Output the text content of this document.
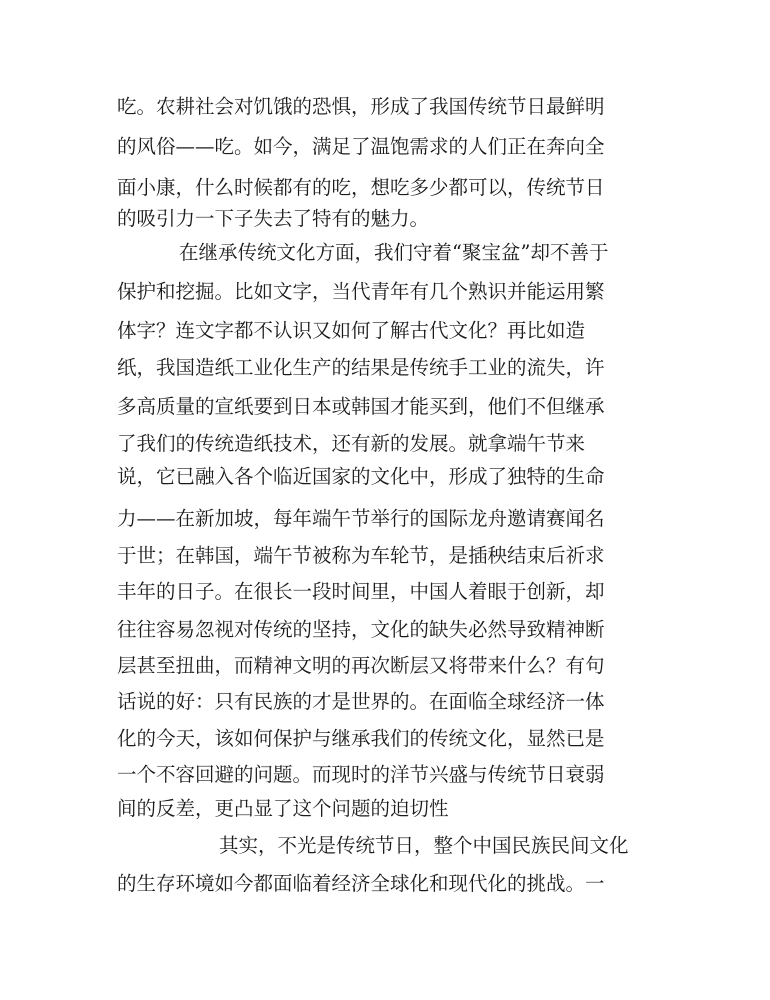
吃。农耕社会对饥饿的恐惧，形成了我国传统节日最鲜明
的风俗——吃。如今，满足了温饱需求的人们正在奔向全
面小康，什么时候都有的吃，想吃多少都可以，传统节日
的吸引力一下子失去了特有的魅力。
在继承传统文化方面，我们守着“聚宝盆”却不善于
保护和挖掘。比如文字，当代青年有几个熟识并能运用繁
体字？连文字都不认识又如何了解古代文化？再比如造
纸，我国造纸工业化生产的结果是传统手工业的流失，许
多高质量的宣纸要到日本或韩国才能买到，他们不但继承
了我们的传统造纸技术，还有新的发展。就拿端午节来
说，它已融入各个临近国家的文化中，形成了独特的生命
力——在新加坡，每年端午节举行的国际龙舟邀请赛闻名
于世；在韩国，端午节被称为车轮节，是插秧结束后祈求
丰年的日子。在很长一段时间里，中国人着眼于创新，却
往往容易忽视对传统的坚持，文化的缺失必然导致精神断
层甚至扭曲，而精神文明的再次断层又将带来什么？有句
话说的好：只有民族的才是世界的。在面临全球经济一体
化的今天，该如何保护与继承我们的传统文化，显然已是
一个不容回避的问题。而现时的洋节兴盛与传统节日衰弱
间的反差，更凸显了这个问题的迫切性
其实，不光是传统节日，整个中国民族民间文化
的生存环境如今都面临着经济全球化和现代化的挑战。一
